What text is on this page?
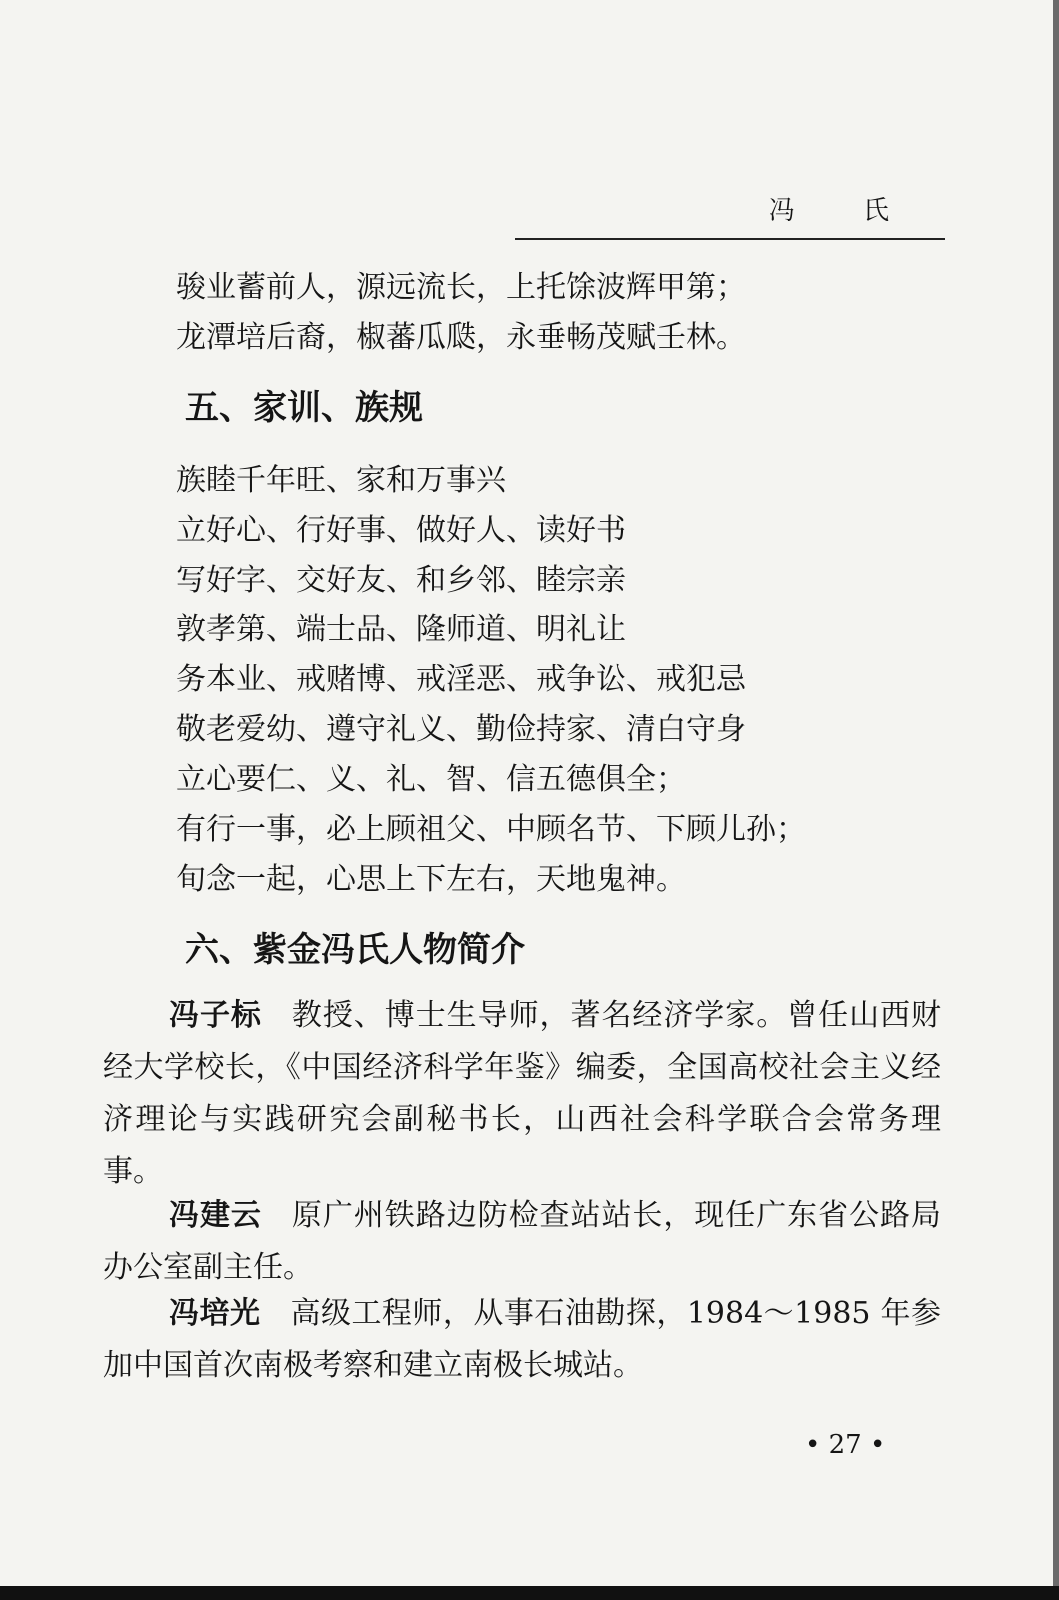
冯 氏
骏业蓄前人，源远流长，上托馀波辉甲第；
龙潭培后裔，椒蕃瓜瓞，永垂畅茂赋壬林。
五、家训、族规
族睦千年旺、家和万事兴
立好心、行好事、做好人、读好书
写好字、交好友、和乡邻、睦宗亲
敦孝第、端士品、隆师道、明礼让
务本业、戒赌博、戒淫恶、戒争讼、戒犯忌
敬老爱幼、遵守礼义、勤俭持家、清白守身
立心要仁、义、礼、智、信五德俱全；
有行一事，必上顾祖父、中顾名节、下顾儿孙；
旬念一起，心思上下左右，天地鬼神。
六、紫金冯氏人物简介
冯子标 教授、博士生导师，著名经济学家。曾任山西财经大学校长，《中国经济科学年鉴》编委，全国高校社会主义经济理论与实践研究会副秘书长，山西社会科学联合会常务理事。
冯建云 原广州铁路边防检查站站长，现任广东省公路局办公室副主任。
冯培光 高级工程师，从事石油勘探，1984～1985 年参加中国首次南极考察和建立南极长城站。
• 27 •
